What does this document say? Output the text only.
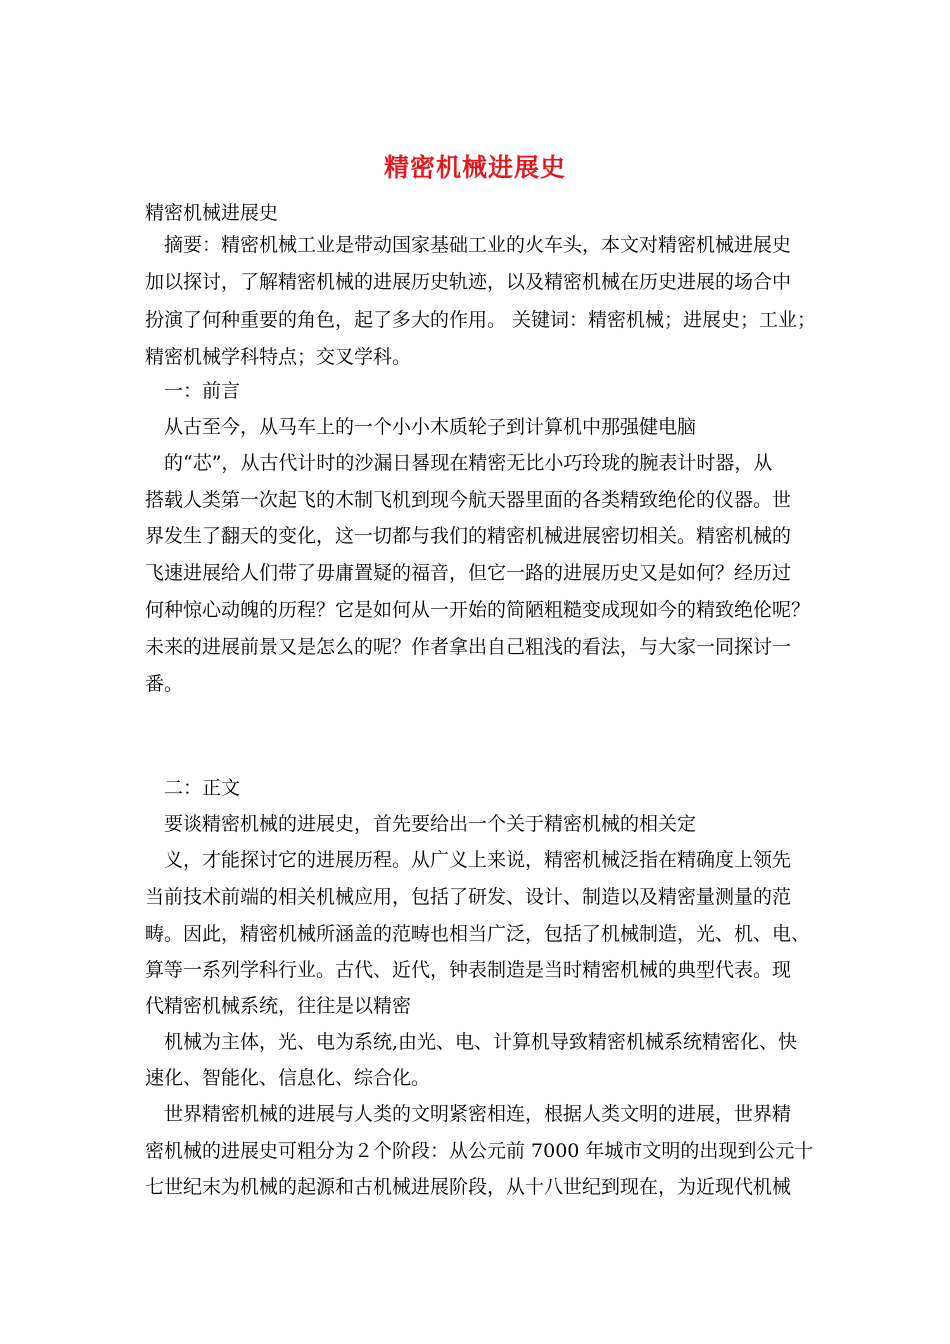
精密机械进展史
精密机械进展史
摘要：精密机械工业是带动国家基础工业的火车头，本文对精密机械进展史
加以探讨，了解精密机械的进展历史轨迹，以及精密机械在历史进展的场合中
扮演了何种重要的角色，起了多大的作用。 关键词：精密机械；进展史；工业；
精密机械学科特点；交叉学科。
一：前言
从古至今，从马车上的一个小小木质轮子到计算机中那强健电脑
的“芯”，从古代计时的沙漏日晷现在精密无比小巧玲珑的腕表计时器，从
搭载人类第一次起飞的木制飞机到现今航天器里面的各类精致绝伦的仪器。世
界发生了翻天的变化，这一切都与我们的精密机械进展密切相关。精密机械的
飞速进展给人们带了毋庸置疑的福音，但它一路的进展历史又是如何？经历过
何种惊心动魄的历程？它是如何从一开始的简陋粗糙变成现如今的精致绝伦呢？
未来的进展前景又是怎么的呢？作者拿出自己粗浅的看法，与大家一同探讨一
番。
二：正文
要谈精密机械的进展史，首先要给出一个关于精密机械的相关定
义，才能探讨它的进展历程。从广义上来说，精密机械泛指在精确度上领先
当前技术前端的相关机械应用，包括了研发、设计、制造以及精密量测量的范
畴。因此，精密机械所涵盖的范畴也相当广泛，包括了机械制造，光、机、电、
算等一系列学科行业。古代、近代，钟表制造是当时精密机械的典型代表。现
代精密机械系统，往往是以精密
机械为主体，光、电为系统,由光、电、计算机导致精密机械系统精密化、快
速化、智能化、信息化、综合化。
世界精密机械的进展与人类的文明紧密相连，根据人类文明的进展，世界精
密机械的进展史可粗分为２个阶段：从公元前 7000 年城市文明的出现到公元十
七世纪末为机械的起源和古机械进展阶段，从十八世纪到现在，为近现代机械
